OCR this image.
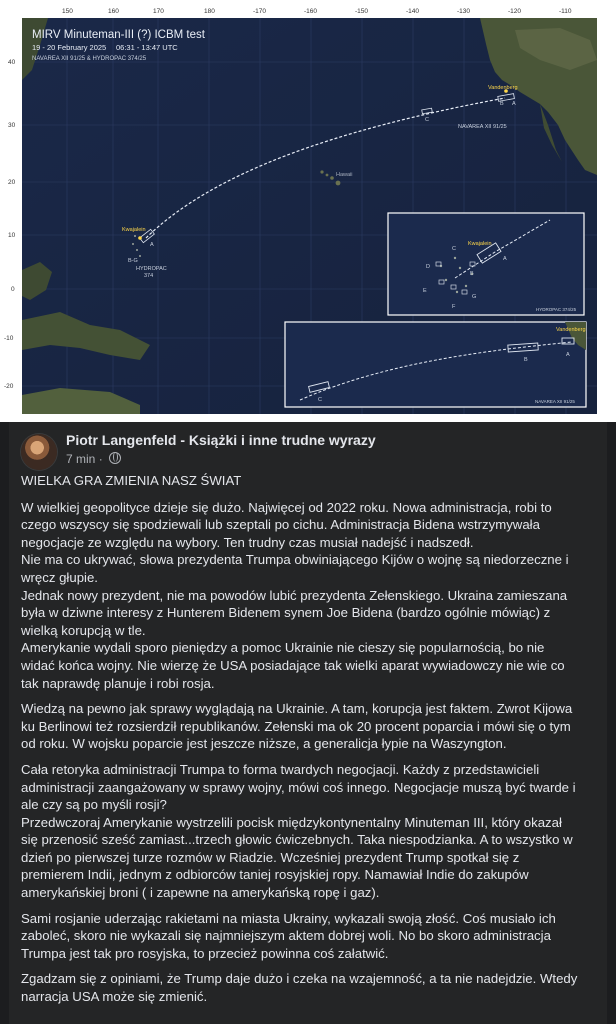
150	160	170	180	-170	-160	-150	-140	-130	-120	-110
40
30
20
10
0
-10
-20
MIRV Minuteman-III (?) ICBM test
19 - 20 February 2025 06:31 - 13:47 UTC
NAVAREA XII 91/25 & HYDROPAC 374/25
Vandenberg
Kwajalein
Hawaii
NAVAREA XII 91/25
HYDROPAC
374
B-G
A
B A
C
Kwajalein
C
D
E
F
G
B
A
HYDROPAC 374/25
Vandenberg
A
B
C	NAVAREA XII 91/25
Piotr Langenfeld - Książki i inne trudne wyrazy
7 min ·

WIELKA GRA ZMIENIA NASZ ŚWIAT

W wielkiej geopolityce dzieje się dużo. Najwięcej od 2022 roku. Nowa administracja, robi to
czego wszyscy się spodziewali lub szeptali po cichu. Administracja Bidena wstrzymywała
negocjacje ze względu na wybory. Ten trudny czas musiał nadejść i nadszedł.
Nie ma co ukrywać, słowa prezydenta Trumpa obwiniającego Kijów o wojnę są niedorzeczne i
wręcz głupie.
Jednak nowy prezydent, nie ma powodów lubić prezydenta Zełenskiego. Ukraina zamieszana
była w dziwne interesy z Hunterem Bidenem synem Joe Bidena (bardzo ogólnie mówiąc) z
wielką korupcją w tle.
Amerykanie wydali sporo pieniędzy a pomoc Ukrainie nie cieszy się popularnością, bo nie
widać końca wojny. Nie wierzę że USA posiadające tak wielki aparat wywiadowczy nie wie co
tak naprawdę planuje i robi rosja.

Wiedzą na pewno jak sprawy wyglądają na Ukrainie. A tam, korupcja jest faktem. Zwrot Kijowa
ku Berlinowi też rozsierdził republikanów. Zełenski ma ok 20 procent poparcia i mówi się o tym
od roku. W wojsku poparcie jest jeszcze niższe, a generalicja łypie na Waszyngton.

Cała retoryka administracji Trumpa to forma twardych negocjacji. Każdy z przedstawicieli
administracji zaangażowany w sprawy wojny, mówi coś innego. Negocjacje muszą być twarde i
ale czy są po myśli rosji?
Przedwczoraj Amerykanie wystrzelili pocisk międzykontynentalny Minuteman III, który okazał
się przenosić sześć zamiast...trzech głowic ćwiczebnych. Taka niespodzianka. A to wszystko w
dzień po pierwszej turze rozmów w Riadzie. Wcześniej prezydent Trump spotkał się z
premierem Indii, jednym z odbiorców taniej rosyjskiej ropy. Namawiał Indie do zakupów
amerykańskiej broni ( i zapewne na amerykańską ropę i gaz).

Sami rosjanie uderzając rakietami na miasta Ukrainy, wykazali swoją złość. Coś musiało ich
zaboleć, skoro nie wykazali się najmniejszym aktem dobrej woli. No bo skoro administracja
Trumpa jest tak pro rosyjska, to przecież powinna coś załatwić.

Zgadzam się z opiniami, że Trump daje dużo i czeka na wzajemność, a ta nie nadejdzie. Wtedy
narracja USA może się zmienić.
